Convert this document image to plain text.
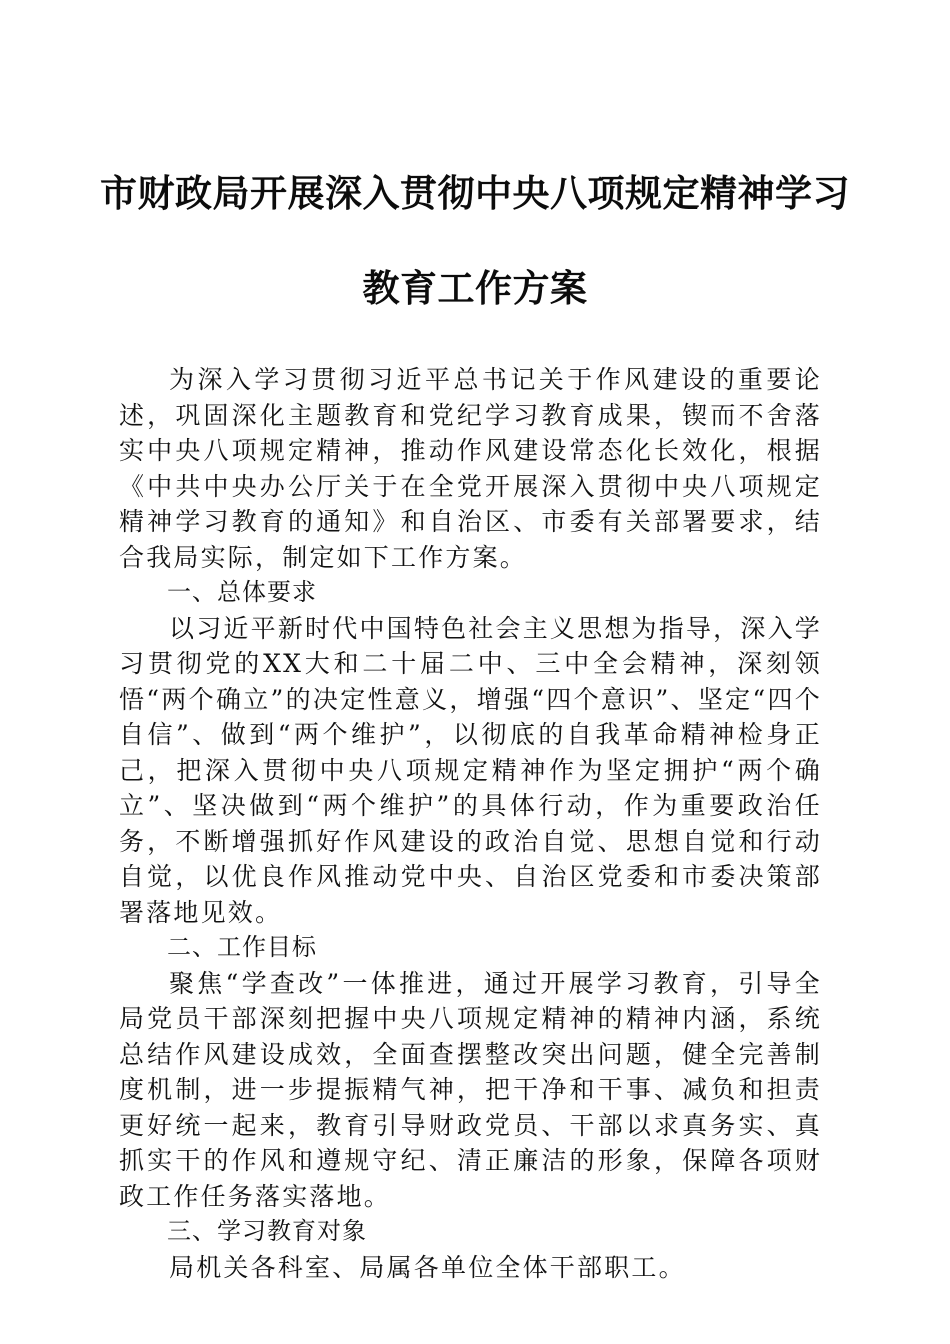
市财政局开展深入贯彻中央八项规定精神学习
教育工作方案

为深入学习贯彻习近平总书记关于作风建设的重要论述，巩固深化主题教育和党纪学习教育成果，锲而不舍落实中央八项规定精神，推动作风建设常态化长效化，根据《中共中央办公厅关于在全党开展深入贯彻中央八项规定精神学习教育的通知》和自治区、市委有关部署要求，结合我局实际，制定如下工作方案。

一、总体要求

以习近平新时代中国特色社会主义思想为指导，深入学习贯彻党的XX大和二十届二中、三中全会精神，深刻领悟“两个确立”的决定性意义，增强“四个意识”、坚定“四个自信”、做到“两个维护”，以彻底的自我革命精神检身正己，把深入贯彻中央八项规定精神作为坚定拥护“两个确立”、坚决做到“两个维护”的具体行动，作为重要政治任务，不断增强抓好作风建设的政治自觉、思想自觉和行动自觉，以优良作风推动党中央、自治区党委和市委决策部署落地见效。

二、工作目标

聚焦“学查改”一体推进，通过开展学习教育，引导全局党员干部深刻把握中央八项规定精神的精神内涵，系统总结作风建设成效，全面查摆整改突出问题，健全完善制度机制，进一步提振精气神，把干净和干事、减负和担责更好统一起来，教育引导财政党员、干部以求真务实、真抓实干的作风和遵规守纪、清正廉洁的形象，保障各项财政工作任务落实落地。

三、学习教育对象

局机关各科室、局属各单位全体干部职工。
